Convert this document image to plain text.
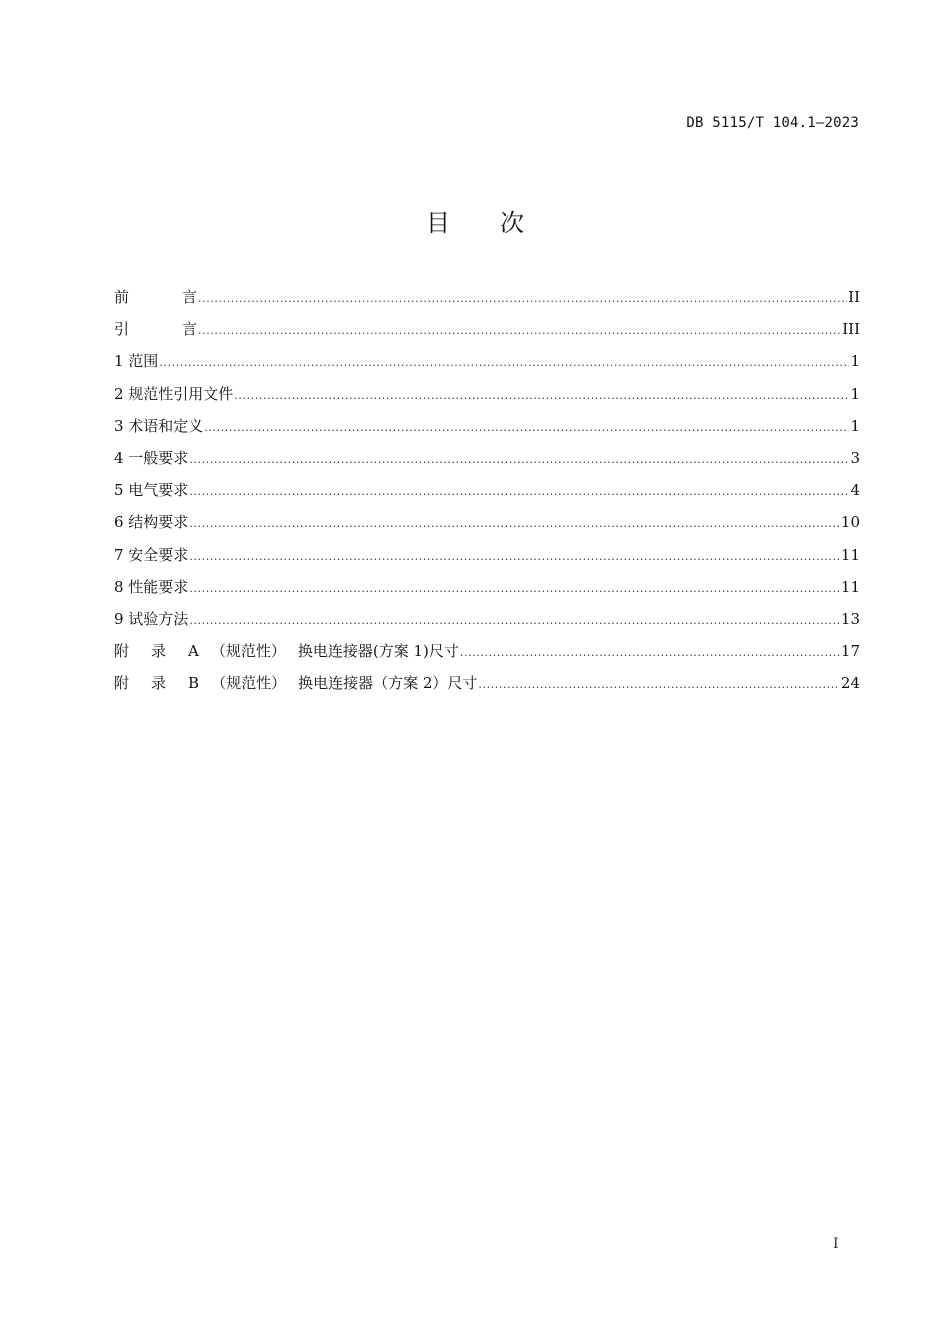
DB 5115/T 104.1—2023
目 次
前	言 .....	II
引	言 .....	III
1 范围 .....	1
2 规范性引用文件 .....	1
3 术语和定义 .....	1
4 一般要求 .....	3
5 电气要求 .....	4
6 结构要求 .....	10
7 安全要求 .....	11
8 性能要求 .....	11
9 试验方法 .....	13
附 录 A （规范性） 换电连接器(方案 1)尺寸 .....	17
附 录 B （规范性） 换电连接器（方案 2）尺寸 .....	24
I
